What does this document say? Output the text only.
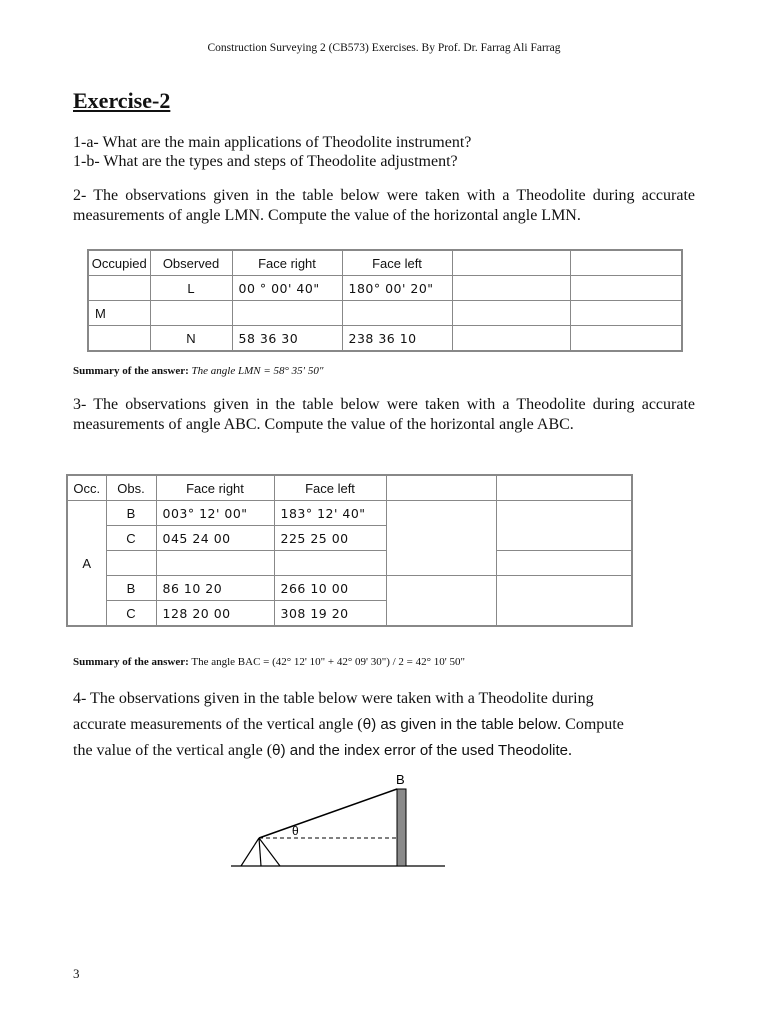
Construction Surveying 2 (CB573) Exercises. By Prof. Dr. Farrag Ali Farrag
Exercise-2
1-a- What are the main applications of Theodolite instrument?
1-b- What are the types and steps of Theodolite adjustment?
2- The observations given in the table below were taken with a Theodolite during accurate measurements of angle LMN. Compute the value of the horizontal angle LMN.
Occupied	Observed	Face right	Face left		
	L	00 ° 00' 40"	180° 00' 20"		
M					
	N	58 36 30	238 36 10		
Summary of the answer: The angle LMN = 58° 35′ 50″
3- The observations given in the table below were taken with a Theodolite during accurate measurements of angle ABC. Compute the value of the horizontal angle ABC.
Occ.	Obs.	Face right	Face left		
A	B	003° 12' 00"	183° 12' 40"		
	C	045 24 00	225 25 00		

	B	86 10 20	266 10 00		
	C	128 20 00	308 19 20		
Summary of the answer: The angle BAC = (42° 12' 10" + 42° 09' 30") / 2 = 42° 10' 50"
4- The observations given in the table below were taken with a Theodolite during
accurate measurements of the vertical angle (θ) as given in the table below. Compute
the value of the vertical angle (θ) and the index error of the used Theodolite.
B
θ
3
